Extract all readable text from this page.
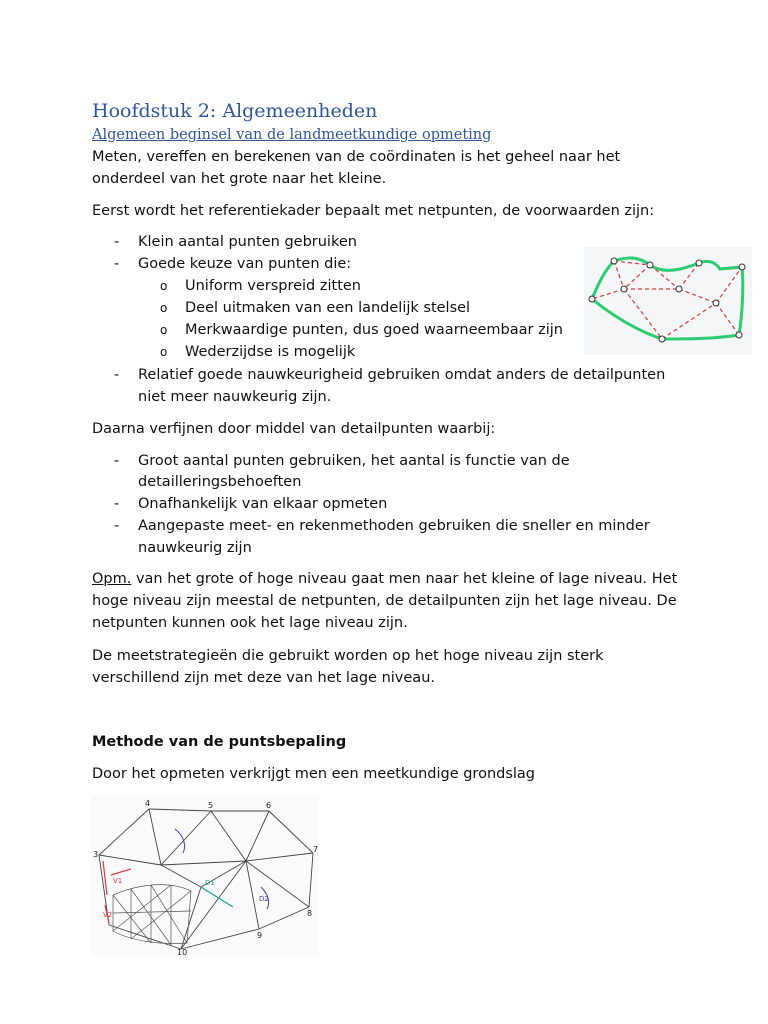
Hoofdstuk 2: Algemeenheden
Algemeen beginsel van de landmeetkundige opmeting
Meten, vereffen en berekenen van de coördinaten is het geheel naar het
onderdeel van het grote naar het kleine.
Eerst wordt het referentiekader bepaalt met netpunten, de voorwaarden zijn:
- Klein aantal punten gebruiken
- Goede keuze van punten die:
o Uniform verspreid zitten
o Deel uitmaken van een landelijk stelsel
o Merkwaardige punten, dus goed waarneembaar zijn
o Wederzijdse is mogelijk
- Relatief goede nauwkeurigheid gebruiken omdat anders de detailpunten
niet meer nauwkeurig zijn.
Daarna verfijnen door middel van detailpunten waarbij:
- Groot aantal punten gebruiken, het aantal is functie van de
detailleringsbehoeften
- Onafhankelijk van elkaar opmeten
- Aangepaste meet- en rekenmethoden gebruiken die sneller en minder
nauwkeurig zijn
Opm. van het grote of hoge niveau gaat men naar het kleine of lage niveau. Het
hoge niveau zijn meestal de netpunten, de detailpunten zijn het lage niveau. De
netpunten kunnen ook het lage niveau zijn.
De meetstrategieën die gebruikt worden op het hoge niveau zijn sterk
verschillend zijn met deze van het lage niveau.
Methode van de puntsbepaling
Door het opmeten verkrijgt men een meetkundige grondslag
3
4	5	6
7
8
9
10
V1
V2
D1
D2
